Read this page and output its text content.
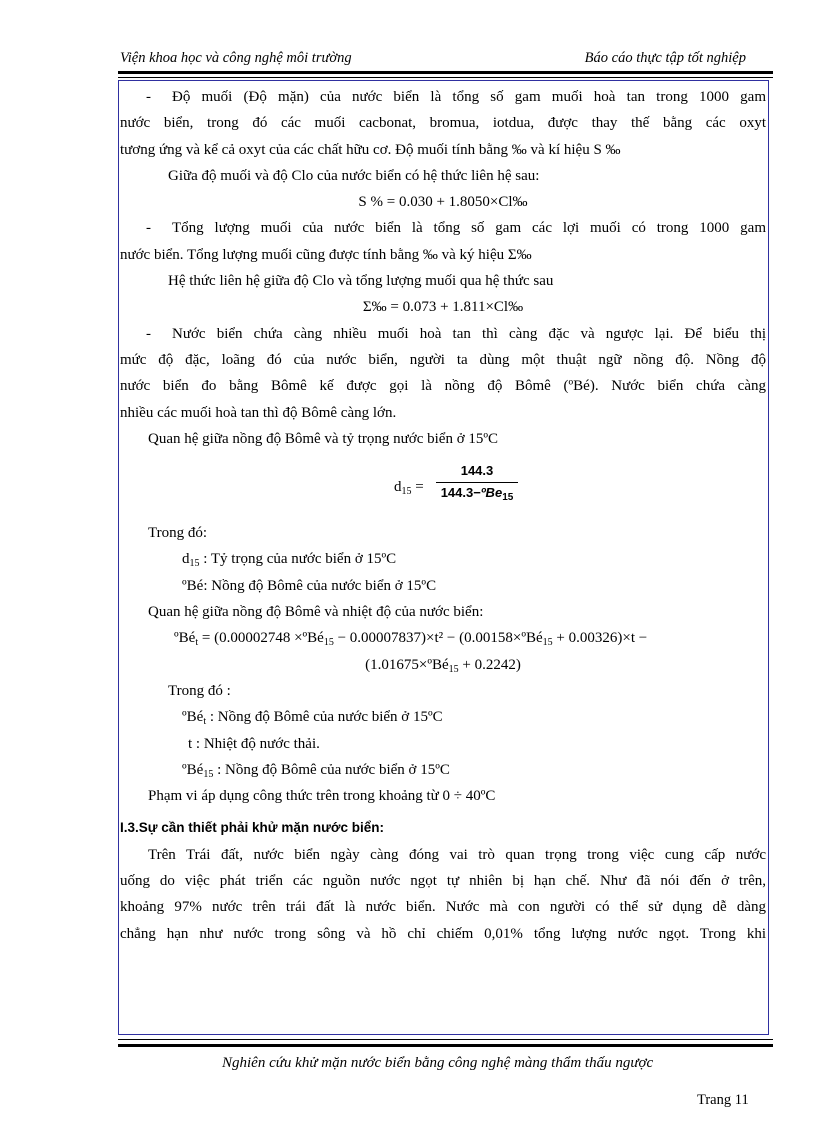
Viện khoa học và công nghệ môi trường	Báo cáo thực tập tốt nghiệp

- Độ muối (Độ mặn) của nước biển là tổng số gam muối hoà tan trong 1000 gam

nước biển, trong đó các muối cacbonat, bromua, iotdua, được thay thế bằng các oxyt

tương ứng và kể cả oxyt của các chất hữu cơ. Độ muối tính bằng ‰ và kí hiệu S ‰

Giữa độ muối và độ Clo của nước biển có hệ thức liên hệ sau:

S % = 0.030 + 1.8050×Cl‰

- Tổng lượng muối của nước biển là tổng số gam các lợi muối có trong 1000 gam

nước biển. Tổng lượng muối cũng được tính bằng ‰ và ký hiệu Σ‰

Hệ thức liên hệ giữa độ Clo và tổng lượng muối qua hệ thức sau

Σ‰ = 0.073 + 1.811×Cl‰

- Nước biển chứa càng nhiều muối hoà tan thì càng đặc và ngược lại. Để biểu thị

mức độ đặc, loãng đó của nước biển, người ta dùng một thuật ngữ nồng độ. Nồng độ

nước biển đo bằng Bômê kế được gọi là nồng độ Bômê (ºBé). Nước biển chứa càng

nhiều các muối hoà tan thì độ Bômê càng lớn.

Quan hệ giữa nồng độ Bômê và tỷ trọng nước biển ở 15ºC

$d_{15}$ =
144.3
144.3−ºBe$_{15}$

Trong đó:

$d_{15}$ : Tỷ trọng của nước biển ở 15ºC

ºBé: Nồng độ Bômê của nước biển ở 15ºC

Quan hệ giữa nồng độ Bômê và nhiệt độ của nước biển:

ºBé$_t$ = (0.00002748 ×ºBé$_{15}$ − 0.00007837)×t² − (0.00158×ºBé$_{15}$ + 0.00326)×t −

(1.01675×ºBé$_{15}$ + 0.2242)

Trong đó :

ºBé$_t$ : Nồng độ Bômê của nước biển ở 15ºC

t : Nhiệt độ nước thải.

ºBé$_{15}$ : Nồng độ Bômê của nước biển ở 15ºC

Phạm vi áp dụng công thức trên trong khoảng từ 0 ÷ 40ºC

I.3.Sự cần thiết phải khử mặn nước biển:

Trên Trái đất, nước biển ngày càng đóng vai trò quan trọng trong việc cung cấp nước

uống do việc phát triển các nguồn nước ngọt tự nhiên bị hạn chế. Như đã nói đến ở trên,

khoảng 97% nước trên trái đất là nước biển. Nước mà con người có thể sử dụng dễ dàng

chẳng hạn như nước trong sông và hồ chỉ chiếm 0,01% tổng lượng nước ngọt. Trong khi

Nghiên cứu khử mặn nước biển bằng công nghệ màng thẩm thấu ngược
Trang 11
